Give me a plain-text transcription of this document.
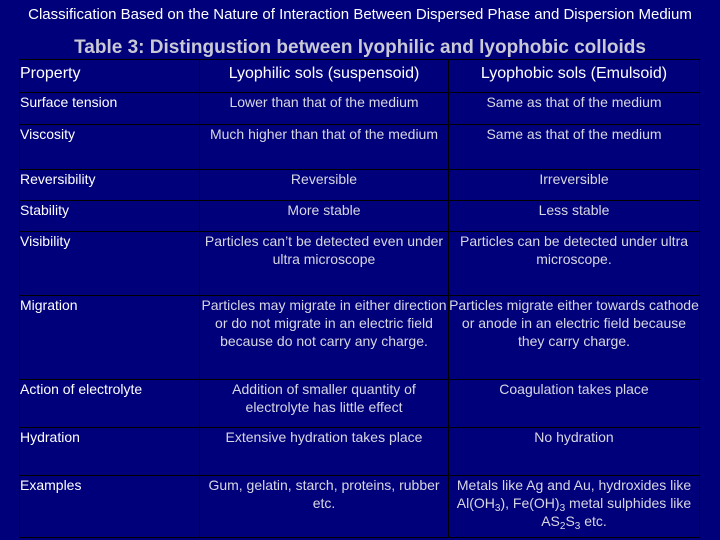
Classification Based on the Nature of Interaction Between Dispersed Phase and Dispersion Medium
Table 3: Distingustion between lyophilic and lyophobic colloids
Property	Lyophilic sols (suspensoid)	Lyophobic sols (Emulsoid)
Surface tension	Lower than that of the medium	Same as that of the medium
Viscosity	Much higher than that of the medium	Same as that of the medium
Reversibility	Reversible	Irreversible
Stability	More stable	Less stable
Visibility	Particles can’t be detected even under ultra microscope	Particles can be detected under ultra microscope.
Migration	Particles may migrate in either direction or do not migrate in an electric field because do not carry any charge.	Particles migrate either towards cathode or anode in an electric field because they carry charge.
Action of electrolyte	Addition of smaller quantity of electrolyte has little effect	Coagulation takes place
Hydration	Extensive hydration takes place	No hydration
Examples	Gum, gelatin, starch, proteins, rubber etc.	Metals like Ag and Au, hydroxides like $Al(OH_3)$, $Fe(OH)_3$ metal sulphides like $AS_2S_3$ etc.
